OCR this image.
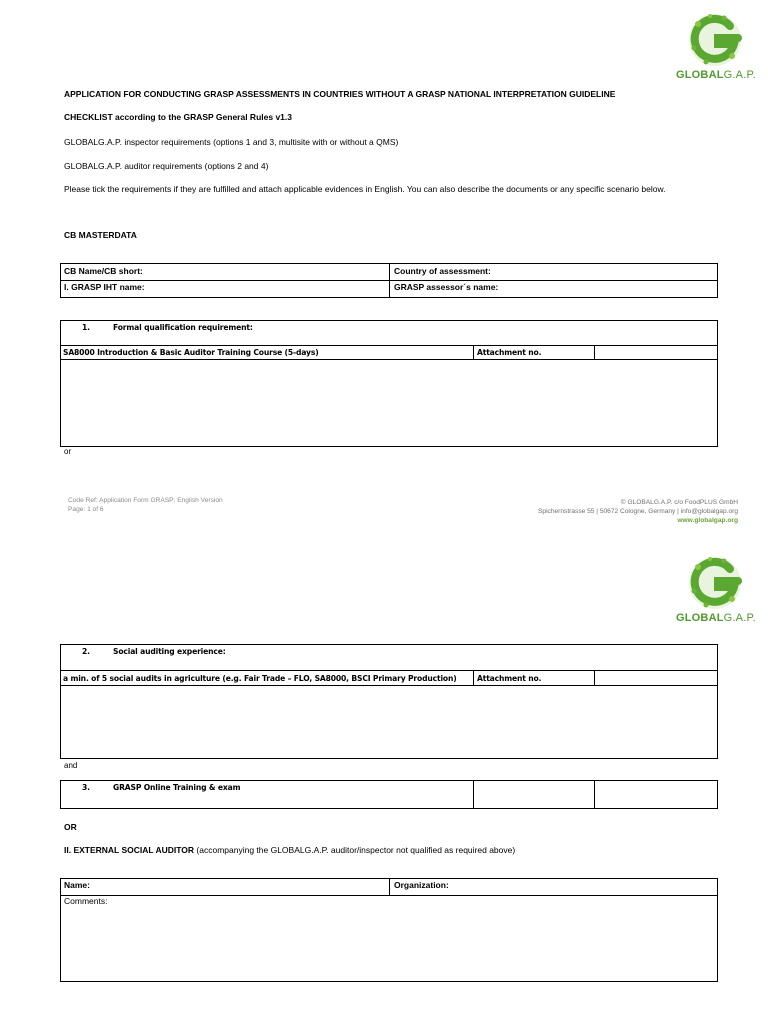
GLOBALG.A.P.
APPLICATION FOR CONDUCTING GRASP ASSESSMENTS IN COUNTRIES WITHOUT A GRASP NATIONAL INTERPRETATION GUIDELINE
CHECKLIST according to the GRASP General Rules v1.3
GLOBALG.A.P. inspector requirements (options 1 and 3, multisite with or without a QMS)
GLOBALG.A.P. auditor requirements (options 2 and 4)
Please tick the requirements if they are fulfilled and attach applicable evidences in English. You can also describe the documents or any specific scenario below.
CB MASTERDATA
CB Name/CB short:	Country of assessment:
I. GRASP IHT name:	GRASP assessor´s name:
1.	Formal qualification requirement:
SA8000 Introduction & Basic Auditor Training Course (5-days)	Attachment no.
or
Code Ref: Application Form GRASP; English Version
Page: 1 of 6
© GLOBALG.A.P. c/o FoodPLUS GmbH
Spichernstrasse 55 | 50672 Cologne, Germany | info@globalgap.org
www.globalgap.org
GLOBALG.A.P.
2.	Social auditing experience:
a min. of 5 social audits in agriculture (e.g. Fair Trade – FLO, SA8000, BSCI Primary Production)	Attachment no.
and
3.	GRASP Online Training & exam
OR
II. EXTERNAL SOCIAL AUDITOR (accompanying the GLOBALG.A.P. auditor/inspector not qualified as required above)
Name:	Organization:
Comments:
